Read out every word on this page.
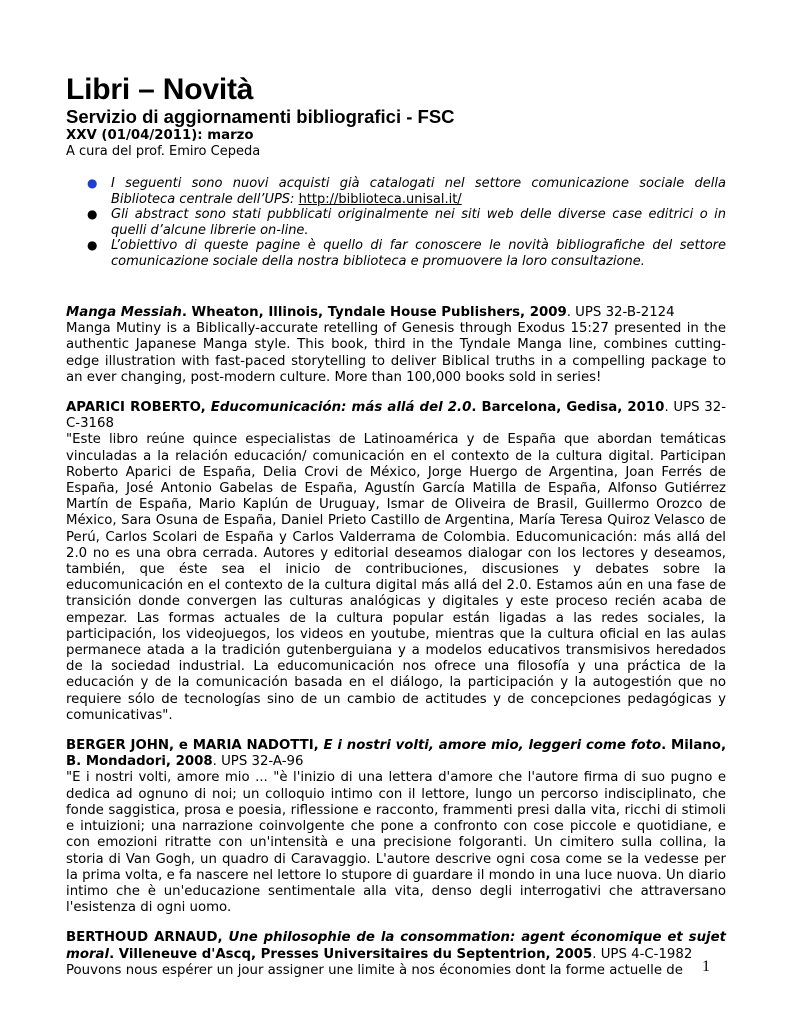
Libri – Novità

Servizio di aggiornamenti bibliografici - FSC

XXV (01/04/2011): marzo

A cura del prof. Emiro Cepeda

● I seguenti sono nuovi acquisti già catalogati nel settore comunicazione sociale della Biblioteca centrale dell’UPS: http://biblioteca.unisal.it/
● Gli abstract sono stati pubblicati originalmente nei siti web delle diverse case editrici o in quelli d’alcune librerie on-line.
● L’obiettivo di queste pagine è quello di far conoscere le novità bibliografiche del settore comunicazione sociale della nostra biblioteca e promuovere la loro consultazione.

Manga Messiah. Wheaton, Illinois, Tyndale House Publishers, 2009. UPS 32-B-2124

Manga Mutiny is a Biblically-accurate retelling of Genesis through Exodus 15:27 presented in the authentic Japanese Manga style. This book, third in the Tyndale Manga line, combines cutting-edge illustration with fast-paced storytelling to deliver Biblical truths in a compelling package to an ever changing, post-modern culture. More than 100,000 books sold in series!

APARICI ROBERTO, Educomunicación: más allá del 2.0. Barcelona, Gedisa, 2010. UPS 32-C-3168

"Este libro reúne quince especialistas de Latinoamérica y de España que abordan temáticas vinculadas a la relación educación/ comunicación en el contexto de la cultura digital. Participan Roberto Aparici de España, Delia Crovi de México, Jorge Huergo de Argentina, Joan Ferrés de España, José Antonio Gabelas de España, Agustín García Matilla de España, Alfonso Gutiérrez Martín de España, Mario Kaplún de Uruguay, Ismar de Oliveira de Brasil, Guillermo Orozco de México, Sara Osuna de España, Daniel Prieto Castillo de Argentina, María Teresa Quiroz Velasco de Perú, Carlos Scolari de España y Carlos Valderrama de Colombia. Educomunicación: más allá del 2.0 no es una obra cerrada. Autores y editorial deseamos dialogar con los lectores y deseamos, también, que éste sea el inicio de contribuciones, discusiones y debates sobre la educomunicación en el contexto de la cultura digital más allá del 2.0. Estamos aún en una fase de transición donde convergen las culturas analógicas y digitales y este proceso recién acaba de empezar. Las formas actuales de la cultura popular están ligadas a las redes sociales, la participación, los videojuegos, los videos en youtube, mientras que la cultura oficial en las aulas permanece atada a la tradición gutenberguiana y a modelos educativos transmisivos heredados de la sociedad industrial. La educomunicación nos ofrece una filosofía y una práctica de la educación y de la comunicación basada en el diálogo, la participación y la autogestión que no requiere sólo de tecnologías sino de un cambio de actitudes y de concepciones pedagógicas y comunicativas".

BERGER JOHN, e MARIA NADOTTI, E i nostri volti, amore mio, leggeri come foto. Milano, B. Mondadori, 2008. UPS 32-A-96

"E i nostri volti, amore mio ... "è l'inizio di una lettera d'amore che l'autore firma di suo pugno e dedica ad ognuno di noi; un colloquio intimo con il lettore, lungo un percorso indisciplinato, che fonde saggistica, prosa e poesia, riflessione e racconto, frammenti presi dalla vita, ricchi di stimoli e intuizioni; una narrazione coinvolgente che pone a confronto con cose piccole e quotidiane, e con emozioni ritratte con un'intensità e una precisione folgoranti. Un cimitero sulla collina, la storia di Van Gogh, un quadro di Caravaggio. L'autore descrive ogni cosa come se la vedesse per la prima volta, e fa nascere nel lettore lo stupore di guardare il mondo in una luce nuova. Un diario intimo che è un'educazione sentimentale alla vita, denso degli interrogativi che attraversano l'esistenza di ogni uomo.

BERTHOUD ARNAUD, Une philosophie de la consommation: agent économique et sujet moral. Villeneuve d'Ascq, Presses Universitaires du Septentrion, 2005. UPS 4-C-1982

Pouvons nous espérer un jour assigner une limite à nos économies dont la forme actuelle de	1
